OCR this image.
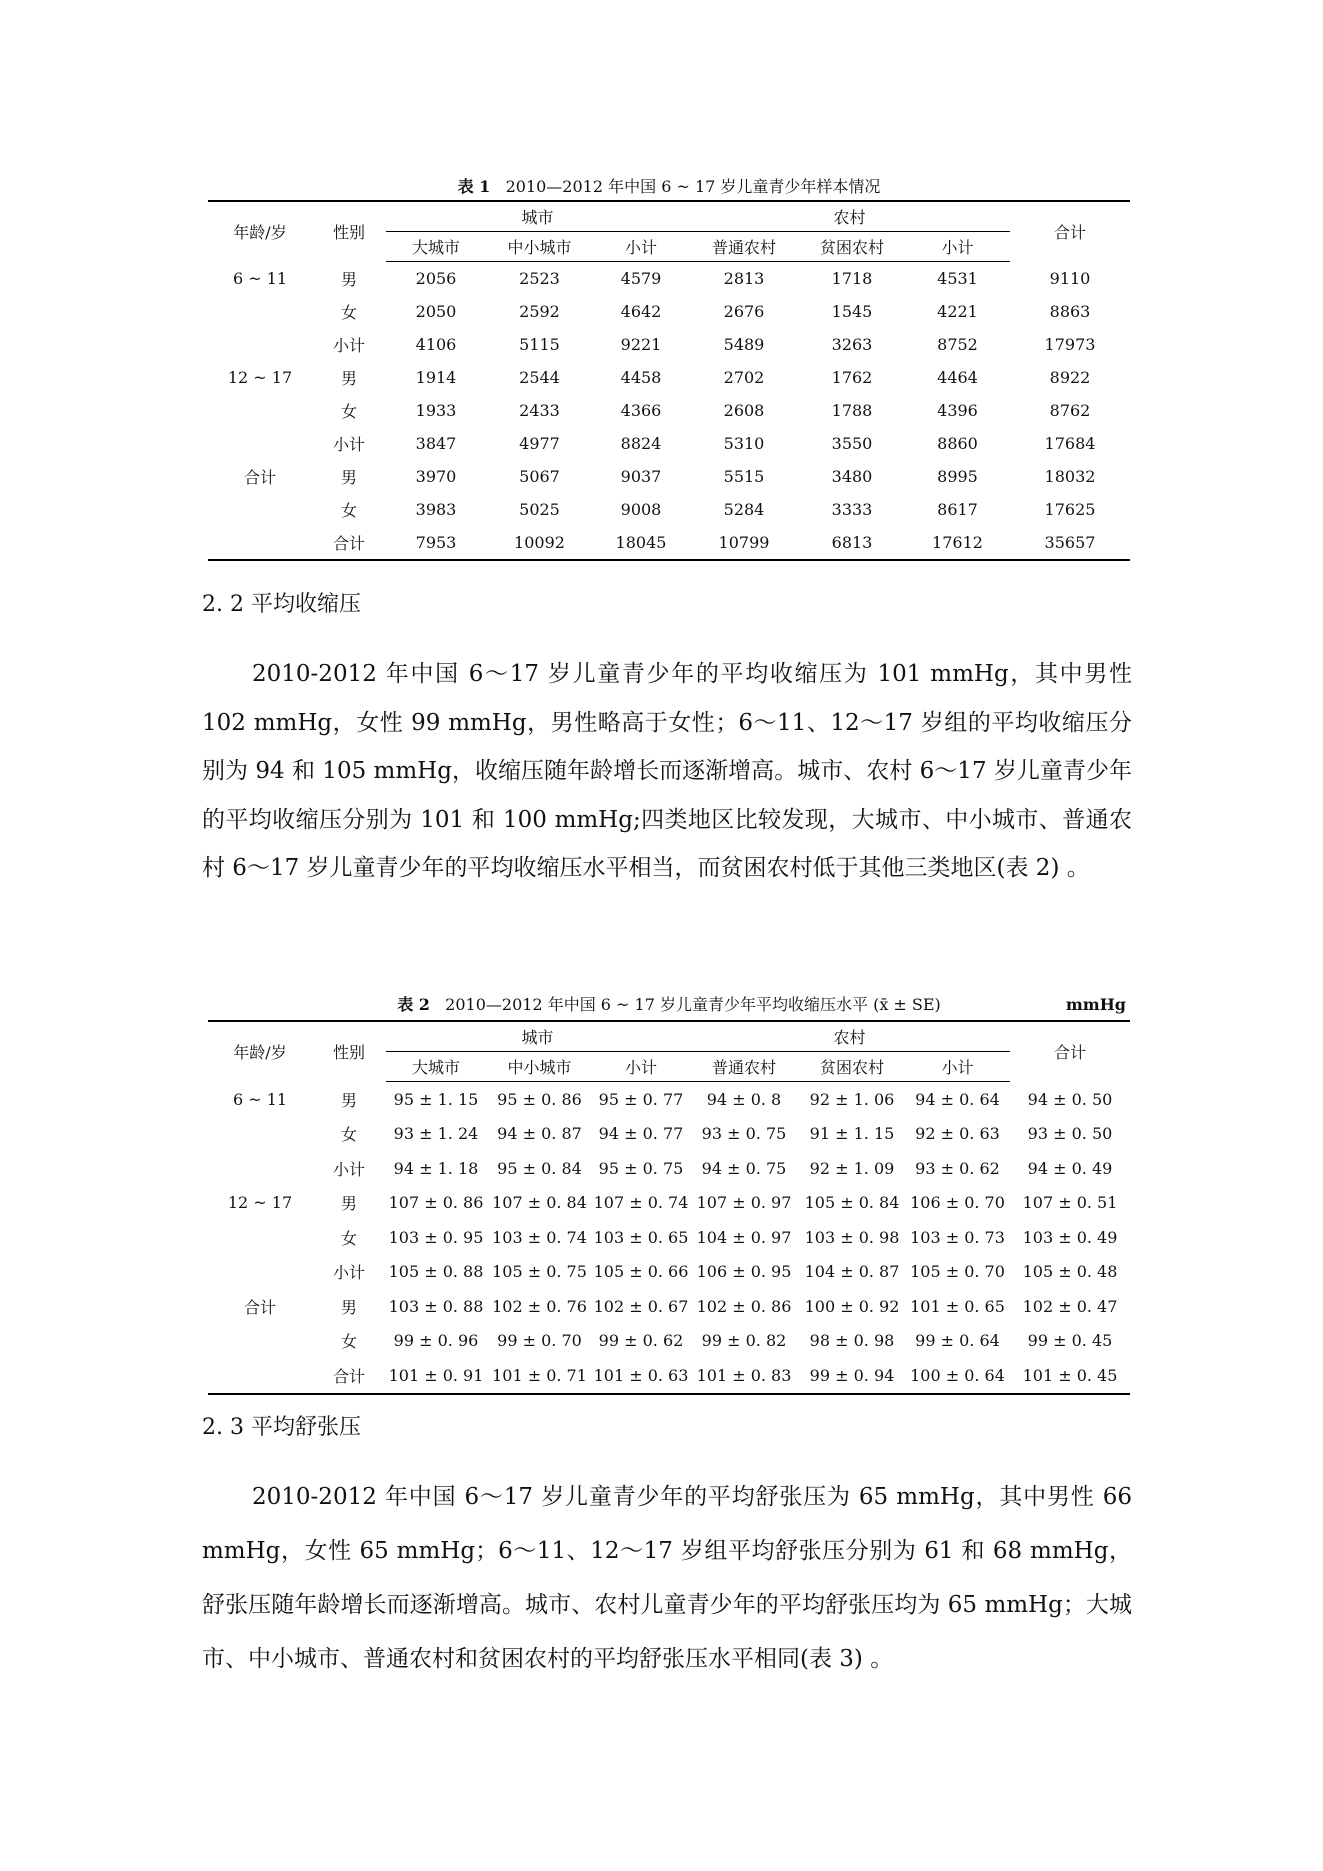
表 1 2010—2012 年中国 6 ~ 17 岁儿童青少年样本情况
年龄/岁	性别	城市			农村			合计
		大城市	中小城市	小计	普通农村	贫困农村	小计	
6 ~ 11	男	2056	2523	4579	2813	1718	4531	9110
	女	2050	2592	4642	2676	1545	4221	8863
	小计	4106	5115	9221	5489	3263	8752	17973
12 ~ 17	男	1914	2544	4458	2702	1762	4464	8922
	女	1933	2433	4366	2608	1788	4396	8762
	小计	3847	4977	8824	5310	3550	8860	17684
合计	男	3970	5067	9037	5515	3480	8995	18032
	女	3983	5025	9008	5284	3333	8617	17625
	合计	7953	10092	18045	10799	6813	17612	35657
2. 2 平均收缩压

2010-2012 年中国 6～17 岁儿童青少年的平均收缩压为 101 mmHg，其中男性 102 mmHg，女性 99 mmHg，男性略高于女性；6～11、12～17 岁组的平均收缩压分别为 94 和 105 mmHg，收缩压随年龄增长而逐渐增高。城市、农村 6～17 岁儿童青少年的平均收缩压分别为 101 和 100 mmHg;四类地区比较发现，大城市、中小城市、普通农村 6～17 岁儿童青少年的平均收缩压水平相当，而贫困农村低于其他三类地区(表 2) 。

表 2 2010—2012 年中国 6 ~ 17 岁儿童青少年平均收缩压水平 (x̄ ± SE)	mmHg
年龄/岁	性别	城市			农村			合计
		大城市	中小城市	小计	普通农村	贫困农村	小计	
6 ~ 11	男	95 ± 1. 15	95 ± 0. 86	95 ± 0. 77	94 ± 0. 8	92 ± 1. 06	94 ± 0. 64	94 ± 0. 50
	女	93 ± 1. 24	94 ± 0. 87	94 ± 0. 77	93 ± 0. 75	91 ± 1. 15	92 ± 0. 63	93 ± 0. 50
	小计	94 ± 1. 18	95 ± 0. 84	95 ± 0. 75	94 ± 0. 75	92 ± 1. 09	93 ± 0. 62	94 ± 0. 49
12 ~ 17	男	107 ± 0. 86	107 ± 0. 84	107 ± 0. 74	107 ± 0. 97	105 ± 0. 84	106 ± 0. 70	107 ± 0. 51
	女	103 ± 0. 95	103 ± 0. 74	103 ± 0. 65	104 ± 0. 97	103 ± 0. 98	103 ± 0. 73	103 ± 0. 49
	小计	105 ± 0. 88	105 ± 0. 75	105 ± 0. 66	106 ± 0. 95	104 ± 0. 87	105 ± 0. 70	105 ± 0. 48
合计	男	103 ± 0. 88	102 ± 0. 76	102 ± 0. 67	102 ± 0. 86	100 ± 0. 92	101 ± 0. 65	102 ± 0. 47
	女	99 ± 0. 96	99 ± 0. 70	99 ± 0. 62	99 ± 0. 82	98 ± 0. 98	99 ± 0. 64	99 ± 0. 45
	合计	101 ± 0. 91	101 ± 0. 71	101 ± 0. 63	101 ± 0. 83	99 ± 0. 94	100 ± 0. 64	101 ± 0. 45
2. 3 平均舒张压

2010-2012 年中国 6～17 岁儿童青少年的平均舒张压为 65 mmHg，其中男性 66 mmHg，女性 65 mmHg；6～11、12～17 岁组平均舒张压分别为 61 和 68 mmHg，舒张压随年龄增长而逐渐增高。城市、农村儿童青少年的平均舒张压均为 65 mmHg；大城市、中小城市、普通农村和贫困农村的平均舒张压水平相同(表 3) 。
